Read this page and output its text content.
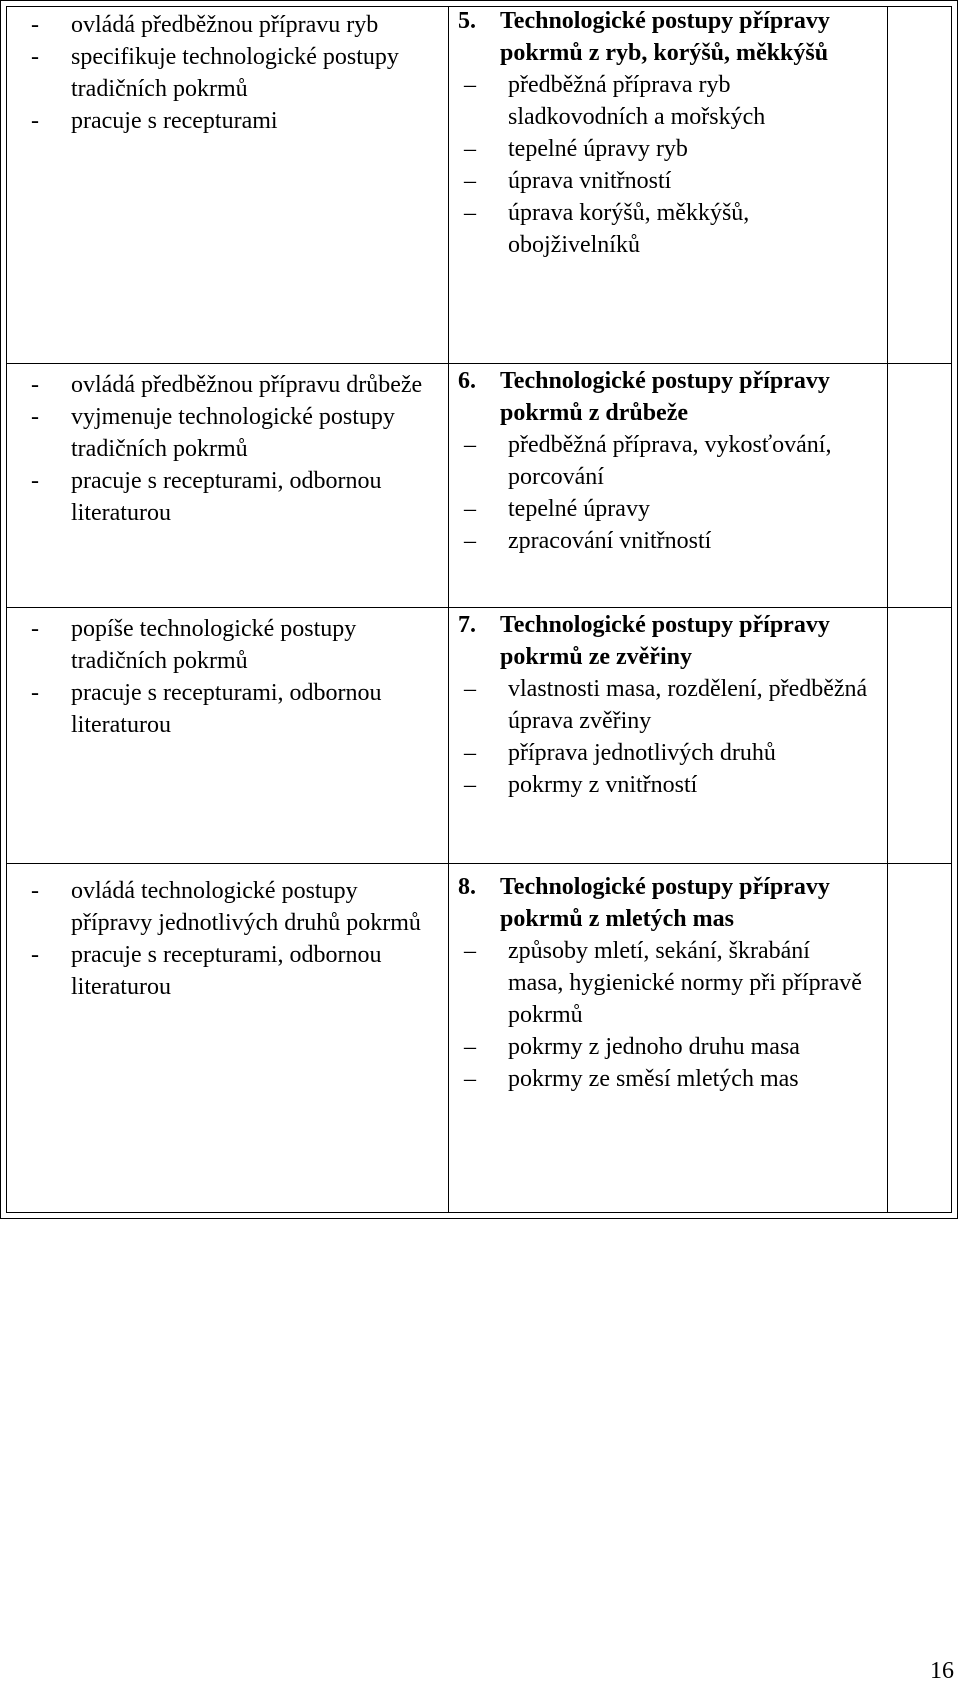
- ovládá předběžnou přípravu ryb
- specifikuje technologické postupy tradičních pokrmů
- pracuje s recepturami
5. Technologické postupy přípravy pokrmů z ryb, korýšů, měkkýšů
– předběžná příprava ryb sladkovodních a mořských
– tepelné úpravy ryb
– úprava vnitřností
– úprava korýšů, měkkýšů, obojživelníků
- ovládá předběžnou přípravu drůbeže
- vyjmenuje technologické postupy tradičních pokrmů
- pracuje s recepturami, odbornou literaturou
6. Technologické postupy přípravy pokrmů z drůbeže
– předběžná příprava, vykosťování, porcování
– tepelné úpravy
– zpracování vnitřností
- popíše technologické postupy tradičních pokrmů
- pracuje s recepturami, odbornou literaturou
7. Technologické postupy přípravy pokrmů ze zvěřiny
– vlastnosti masa, rozdělení, předběžná úprava zvěřiny
– příprava jednotlivých druhů
– pokrmy z vnitřností
- ovládá technologické postupy přípravy jednotlivých druhů pokrmů
- pracuje s recepturami, odbornou literaturou
8. Technologické postupy přípravy pokrmů z mletých mas
– způsoby mletí, sekání, škrabání masa, hygienické normy při přípravě pokrmů
– pokrmy z jednoho druhu masa
– pokrmy ze směsí mletých mas
16
